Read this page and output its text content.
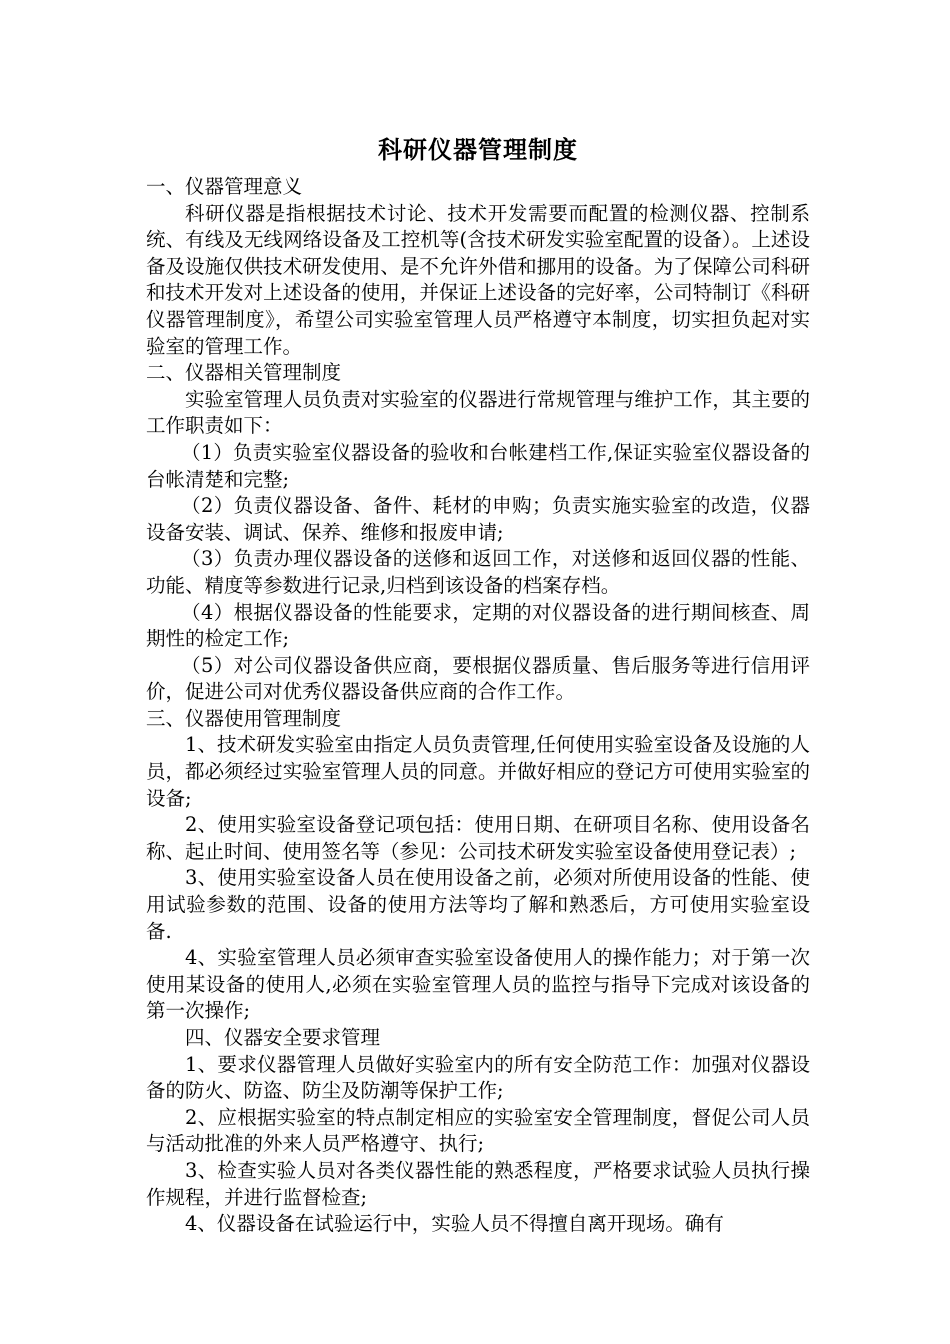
科研仪器管理制度

一、仪器管理意义

科研仪器是指根据技术讨论、技术开发需要而配置的检测仪器、控制系统、有线及无线网络设备及工控机等(含技术研发实验室配置的设备）。上述设备及设施仅供技术研发使用、是不允许外借和挪用的设备。为了保障公司科研和技术开发对上述设备的使用，并保证上述设备的完好率，公司特制订《科研仪器管理制度》，希望公司实验室管理人员严格遵守本制度，切实担负起对实验室的管理工作。

二、仪器相关管理制度

实验室管理人员负责对实验室的仪器进行常规管理与维护工作，其主要的工作职责如下：

（1）负责实验室仪器设备的验收和台帐建档工作,保证实验室仪器设备的台帐清楚和完整;

（2）负责仪器设备、备件、耗材的申购；负责实施实验室的改造，仪器设备安装、调试、保养、维修和报废申请;

（3）负责办理仪器设备的送修和返回工作，对送修和返回仪器的性能、功能、精度等参数进行记录,归档到该设备的档案存档。

（4）根据仪器设备的性能要求，定期的对仪器设备的进行期间核查、周期性的检定工作;

（5）对公司仪器设备供应商，要根据仪器质量、售后服务等进行信用评价，促进公司对优秀仪器设备供应商的合作工作。

三、仪器使用管理制度

1、技术研发实验室由指定人员负责管理,任何使用实验室设备及设施的人员，都必须经过实验室管理人员的同意。并做好相应的登记方可使用实验室的设备;

2、使用实验室设备登记项包括：使用日期、在研项目名称、使用设备名称、起止时间、使用签名等（参见：公司技术研发实验室设备使用登记表）;

3、使用实验室设备人员在使用设备之前，必须对所使用设备的性能、使用试验参数的范围、设备的使用方法等均了解和熟悉后，方可使用实验室设备.

4、实验室管理人员必须审查实验室设备使用人的操作能力；对于第一次使用某设备的使用人,必须在实验室管理人员的监控与指导下完成对该设备的第一次操作;

四、仪器安全要求管理

1、要求仪器管理人员做好实验室内的所有安全防范工作：加强对仪器设备的防火、防盗、防尘及防潮等保护工作;

2、应根据实验室的特点制定相应的实验室安全管理制度，督促公司人员与活动批准的外来人员严格遵守、执行;

3、检查实验人员对各类仪器性能的熟悉程度，严格要求试验人员执行操作规程，并进行监督检查;

4、仪器设备在试验运行中，实验人员不得擅自离开现场。确有
